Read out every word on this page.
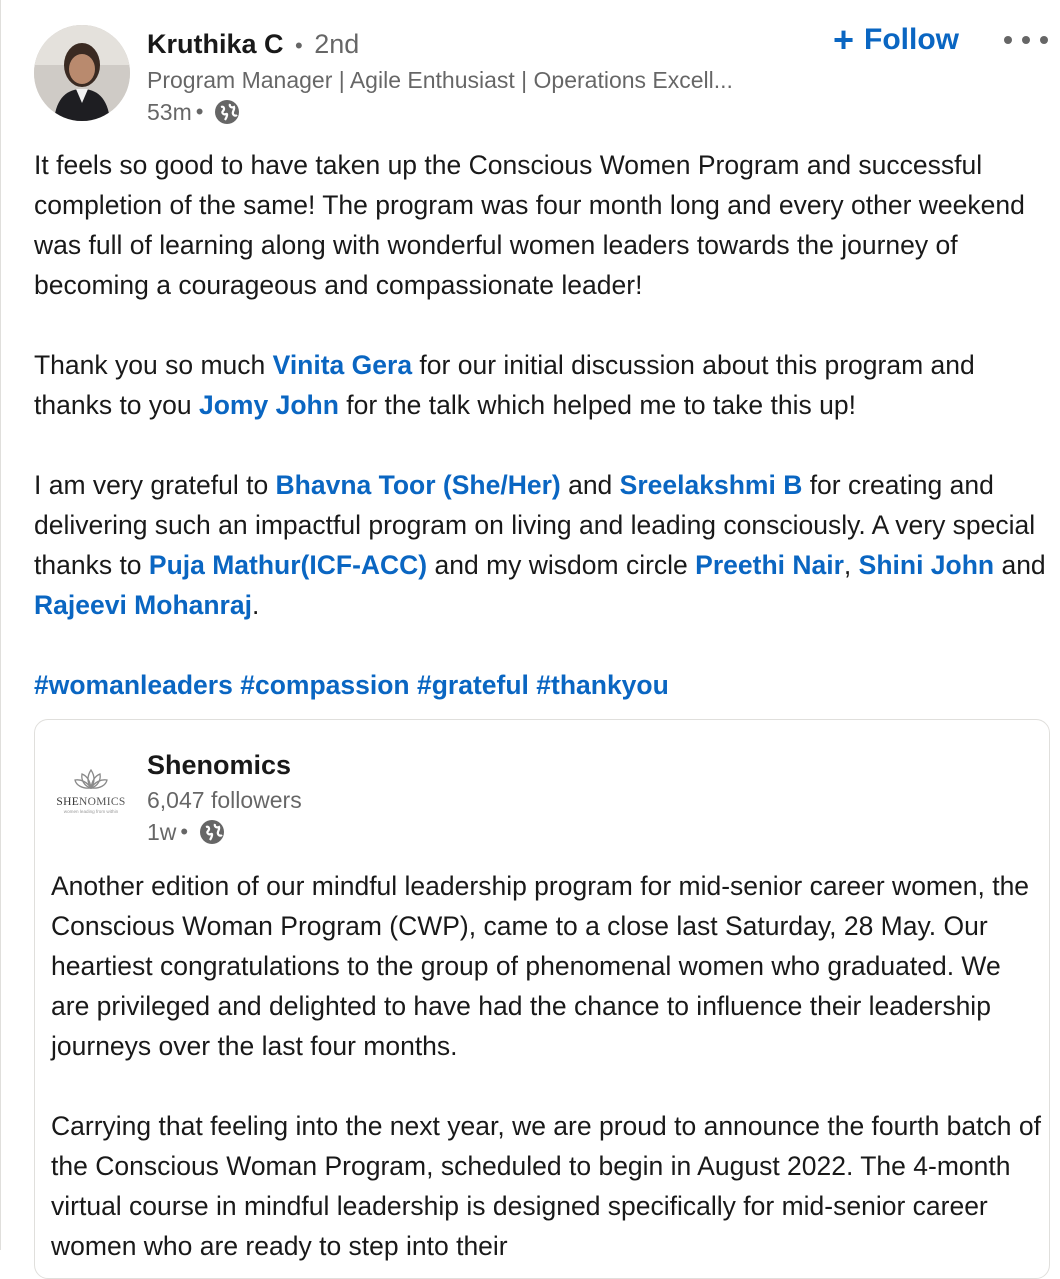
Kruthika C • 2nd
Program Manager | Agile Enthusiast | Operations Excell...
53m •
+ Follow

It feels so good to have taken up the Conscious Women Program and successful completion of the same! The program was four month long and every other weekend was full of learning along with wonderful women leaders towards the journey of becoming a courageous and compassionate leader!

Thank you so much Vinita Gera for our initial discussion about this program and thanks to you Jomy John for the talk which helped me to take this up!

I am very grateful to Bhavna Toor (She/Her) and Sreelakshmi B for creating and delivering such an impactful program on living and leading consciously. A very special thanks to Puja Mathur(ICF-ACC) and my wisdom circle Preethi Nair, Shini John and Rajeevi Mohanraj.

#womanleaders #compassion #grateful #thankyou

SHENOMICS
women leading from within
Shenomics
6,047 followers
1w •

Another edition of our mindful leadership program for mid-senior career women, the Conscious Woman Program (CWP), came to a close last Saturday, 28 May. Our heartiest congratulations to the group of phenomenal women who graduated. We are privileged and delighted to have had the chance to influence their leadership journeys over the last four months.

Carrying that feeling into the next year, we are proud to announce the fourth batch of the Conscious Woman Program, scheduled to begin in August 2022. The 4-month virtual course in mindful leadership is designed specifically for mid-senior career women who are ready to step into their
